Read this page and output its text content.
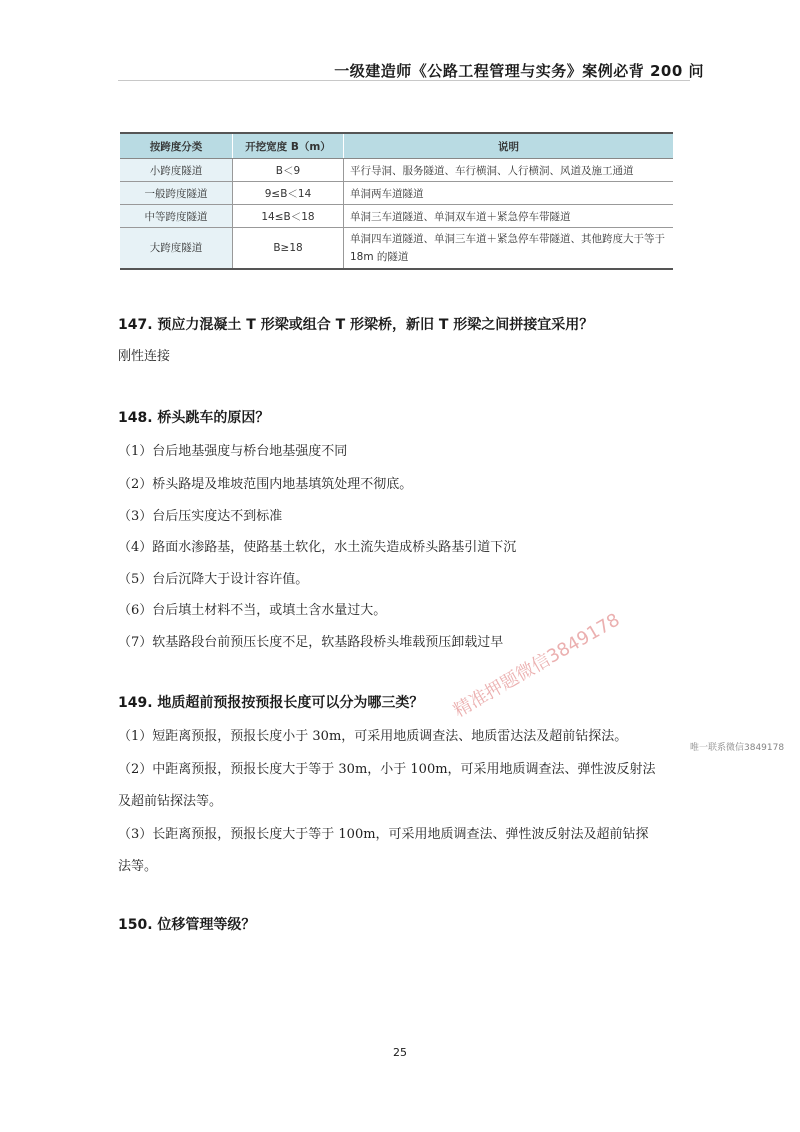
一级建造师《公路工程管理与实务》案例必背 200 问
按跨度分类	开挖宽度 B（m）	说明
小跨度隧道	B＜9	平行导洞、服务隧道、车行横洞、人行横洞、风道及施工通道
一般跨度隧道	9≤B＜14	单洞两车道隧道
中等跨度隧道	14≤B＜18	单洞三车道隧道、单洞双车道＋紧急停车带隧道
大跨度隧道	B≥18	单洞四车道隧道、单洞三车道＋紧急停车带隧道、其他跨度大于等于 18m 的隧道
147. 预应力混凝土 T 形梁或组合 T 形梁桥，新旧 T 形梁之间拼接宜采用？
刚性连接
148. 桥头跳车的原因？
（1）台后地基强度与桥台地基强度不同
（2）桥头路堤及堆坡范围内地基填筑处理不彻底。
（3）台后压实度达不到标准
（4）路面水渗路基，使路基土软化，水土流失造成桥头路基引道下沉
（5）台后沉降大于设计容许值。
（6）台后填土材料不当，或填土含水量过大。
（7）软基路段台前预压长度不足，软基路段桥头堆载预压卸载过早
149. 地质超前预报按预报长度可以分为哪三类？
（1）短距离预报，预报长度小于 30m，可采用地质调查法、地质雷达法及超前钻探法。
（2）中距离预报，预报长度大于等于 30m，小于 100m，可采用地质调查法、弹性波反射法
及超前钻探法等。
（3）长距离预报，预报长度大于等于 100m，可采用地质调查法、弹性波反射法及超前钻探
法等。
150. 位移管理等级？
25
精准押题微信3849178
唯一联系微信3849178
